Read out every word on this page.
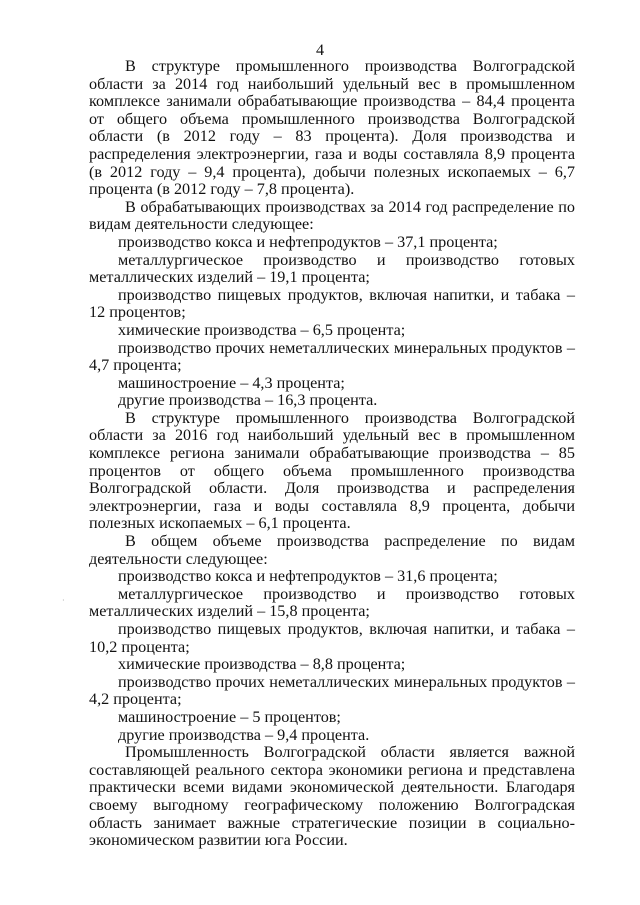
4

В структуре промышленного производства Волгоградской области за 2014 год наибольший удельный вес в промышленном комплексе занимали обрабатывающие производства – 84,4 процента от общего объема промышленного производства Волгоградской области (в 2012 году – 83 процента). Доля производства и распределения электроэнергии, газа и воды составляла 8,9 процента (в 2012 году – 9,4 процента), добычи полезных ископаемых – 6,7 процента (в 2012 году – 7,8 процента).

В обрабатывающих производствах за 2014 год распределение по видам деятельности следующее:

производство кокса и нефтепродуктов – 37,1 процента;

металлургическое производство и производство готовых металлических изделий – 19,1 процента;

производство пищевых продуктов, включая напитки, и табака – 12 процентов;

химические производства – 6,5 процента;

производство прочих неметаллических минеральных продуктов – 4,7 процента;

машиностроение – 4,3 процента;

другие производства – 16,3 процента.

В структуре промышленного производства Волгоградской области за 2016 год наибольший удельный вес в промышленном комплексе региона занимали обрабатывающие производства – 85 процентов от общего объема промышленного производства Волгоградской области. Доля производства и распределения электроэнергии, газа и воды составляла 8,9 процента, добычи полезных ископаемых – 6,1 процента.

В общем объеме производства распределение по видам деятельности следующее:

производство кокса и нефтепродуктов – 31,6 процента;

металлургическое производство и производство готовых металлических изделий – 15,8 процента;

производство пищевых продуктов, включая напитки, и табака – 10,2 процента;

химические производства – 8,8 процента;

производство прочих неметаллических минеральных продуктов – 4,2 процента;

машиностроение – 5 процентов;

другие производства – 9,4 процента.

Промышленность Волгоградской области является важной составляющей реального сектора экономики региона и представлена практически всеми видами экономической деятельности. Благодаря своему выгодному географическому положению Волгоградская область занимает важные стратегические позиции в социально-экономическом развитии юга России.

·
